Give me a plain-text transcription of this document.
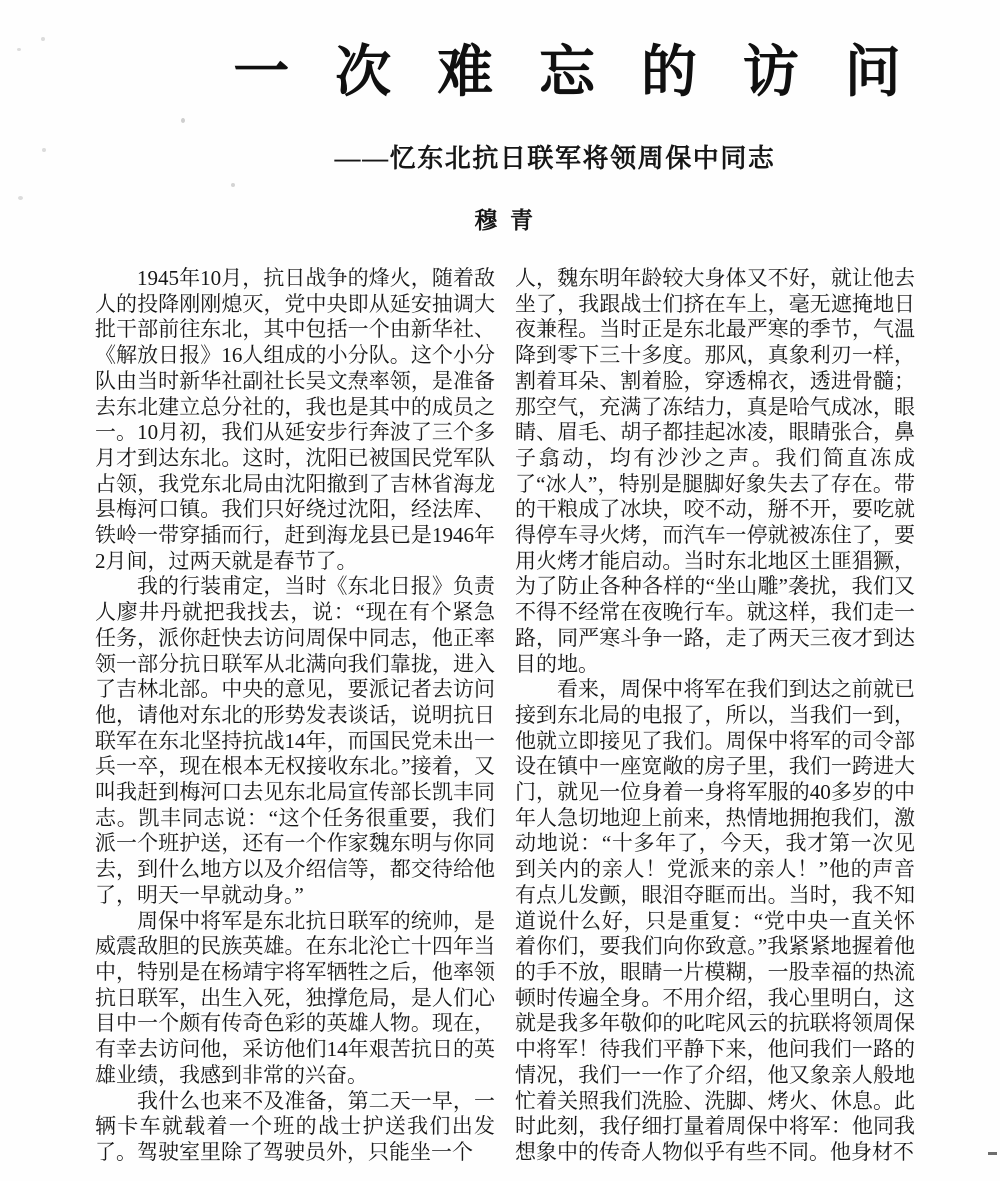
一次难忘的访问
——忆东北抗日联军将领周保中同志
穆青

1945年10月，抗日战争的烽火，随着敌人的投降刚刚熄灭，党中央即从延安抽调大批干部前往东北，其中包括一个由新华社、《解放日报》16人组成的小分队。这个小分队由当时新华社副社长吴文焘率领，是准备去东北建立总分社的，我也是其中的成员之一。10月初，我们从延安步行奔波了三个多月才到达东北。这时，沈阳已被国民党军队占领，我党东北局由沈阳撤到了吉林省海龙县梅河口镇。我们只好绕过沈阳，经法库、铁岭一带穿插而行，赶到海龙县已是1946年2月间，过两天就是春节了。

我的行装甫定，当时《东北日报》负责人廖井丹就把我找去，说：“现在有个紧急任务，派你赶快去访问周保中同志，他正率领一部分抗日联军从北满向我们靠拢，进入了吉林北部。中央的意见，要派记者去访问他，请他对东北的形势发表谈话，说明抗日联军在东北坚持抗战14年，而国民党未出一兵一卒，现在根本无权接收东北。”接着，又叫我赶到梅河口去见东北局宣传部长凯丰同志。凯丰同志说：“这个任务很重要，我们派一个班护送，还有一个作家魏东明与你同去，到什么地方以及介绍信等，都交待给他了，明天一早就动身。”

周保中将军是东北抗日联军的统帅，是威震敌胆的民族英雄。在东北沦亡十四年当中，特别是在杨靖宇将军牺牲之后，他率领抗日联军，出生入死，独撑危局，是人们心目中一个颇有传奇色彩的英雄人物。现在，有幸去访问他，采访他们14年艰苦抗日的英雄业绩，我感到非常的兴奋。

我什么也来不及准备，第二天一早，一辆卡车就载着一个班的战士护送我们出发了。驾驶室里除了驾驶员外，只能坐一个

人，魏东明年龄较大身体又不好，就让他去坐了，我跟战士们挤在车上，毫无遮掩地日夜兼程。当时正是东北最严寒的季节，气温降到零下三十多度。那风，真象利刃一样，割着耳朵、割着脸，穿透棉衣，透进骨髓；那空气，充满了冻结力，真是哈气成冰，眼睛、眉毛、胡子都挂起冰凌，眼睛张合，鼻子翕动，均有沙沙之声。我们简直冻成了“冰人”，特别是腿脚好象失去了存在。带的干粮成了冰块，咬不动，掰不开，要吃就得停车寻火烤，而汽车一停就被冻住了，要用火烤才能启动。当时东北地区土匪猖獗，为了防止各种各样的“坐山雕”袭扰，我们又不得不经常在夜晚行车。就这样，我们走一路，同严寒斗争一路，走了两天三夜才到达目的地。

看来，周保中将军在我们到达之前就已接到东北局的电报了，所以，当我们一到，他就立即接见了我们。周保中将军的司令部设在镇中一座宽敞的房子里，我们一跨进大门，就见一位身着一身将军服的40多岁的中年人急切地迎上前来，热情地拥抱我们，激动地说：“十多年了，今天，我才第一次见到关内的亲人！党派来的亲人！”他的声音有点儿发颤，眼泪夺眶而出。当时，我不知道说什么好，只是重复：“党中央一直关怀着你们，要我们向你致意。”我紧紧地握着他的手不放，眼睛一片模糊，一股幸福的热流顿时传遍全身。不用介绍，我心里明白，这就是我多年敬仰的叱咤风云的抗联将领周保中将军！待我们平静下来，他问我们一路的情况，我们一一作了介绍，他又象亲人般地忙着关照我们洗脸、洗脚、烤火、休息。此时此刻，我仔细打量着周保中将军：他同我想象中的传奇人物似乎有些不同。他身材不
